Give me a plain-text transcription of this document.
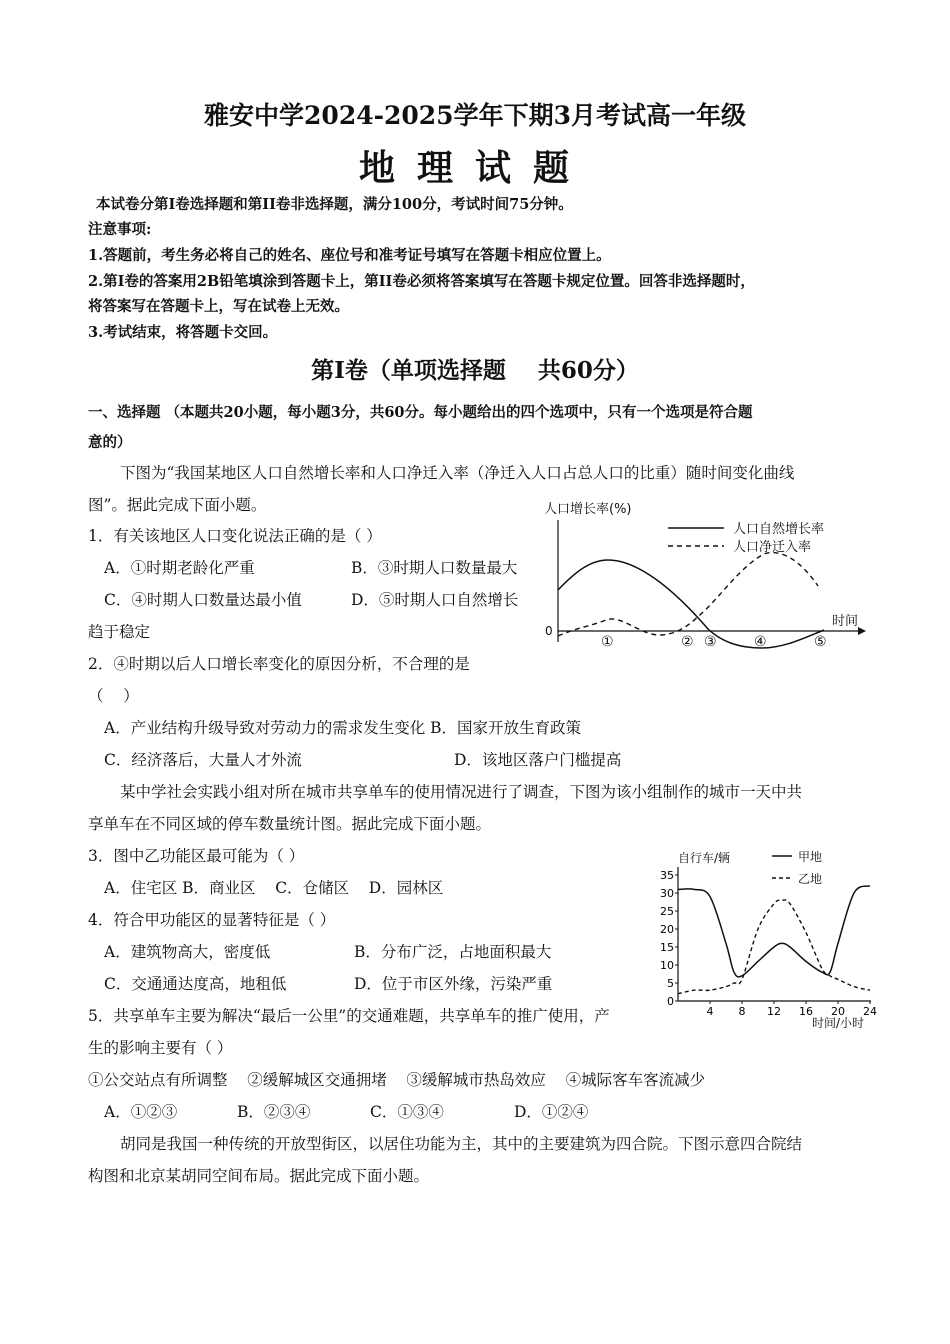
雅安中学2024-2025学年下期3月考试高一年级
地理试题
本试卷分第I卷选择题和第II卷非选择题，满分100分，考试时间75分钟。
注意事项:
1.答题前，考生务必将自己的姓名、座位号和准考证号填写在答题卡相应位置上。
2.第I卷的答案用2B铅笔填涂到答题卡上，第II卷必须将答案填写在答题卡规定位置。回答非选择题时，
将答案写在答题卡上，写在试卷上无效。
3.考试结束，将答题卡交回。
第I卷（单项选择题    共60分）
一、选择题 （本题共20小题，每小题3分，共60分。每小题给出的四个选项中，只有一个选项是符合题
意的）
下图为“我国某地区人口自然增长率和人口净迁入率（净迁入人口占总人口的比重）随时间变化曲线
图”。据此完成下面小题。
1．有关该地区人口变化说法正确的是（ ）
A．①时期老龄化严重	B．③时期人口数量最大
C．④时期人口数量达最小值	D．⑤时期人口自然增长
趋于稳定
2．④时期以后人口增长率变化的原因分析，不合理的是
（    ）
A．产业结构升级导致对劳动力的需求发生变化 B．国家开放生育政策
C．经济落后，大量人才外流	D．该地区落户门槛提高
人口增长率(%)
0
时间
人口自然增长率
人口净迁入率
①	② ③	④	⑤
某中学社会实践小组对所在城市共享单车的使用情况进行了调查，下图为该小组制作的城市一天中共
享单车在不同区域的停车数量统计图。据此完成下面小题。
3．图中乙功能区最可能为（ ）
A．住宅区 B．商业区    C．仓储区    D．园林区
4．符合甲功能区的显著特征是（ ）
A．建筑物高大，密度低	B．分布广泛，占地面积最大
C．交通通达度高，地租低	D．位于市区外缘，污染严重
5．共享单车主要为解决“最后一公里”的交通难题，共享单车的推广使用，产
生的影响主要有（ ）
①公交站点有所调整    ②缓解城区交通拥堵    ③缓解城市热岛效应    ④城际客车客流减少
A．①②③	B．②③④	C．①③④	D．①②④
自行车/辆	甲地
乙地
35
30
25
20
15
10
5
0
4 8 12 16 20 24
时间/小时
胡同是我国一种传统的开放型街区，以居住功能为主，其中的主要建筑为四合院。下图示意四合院结
构图和北京某胡同空间布局。据此完成下面小题。
